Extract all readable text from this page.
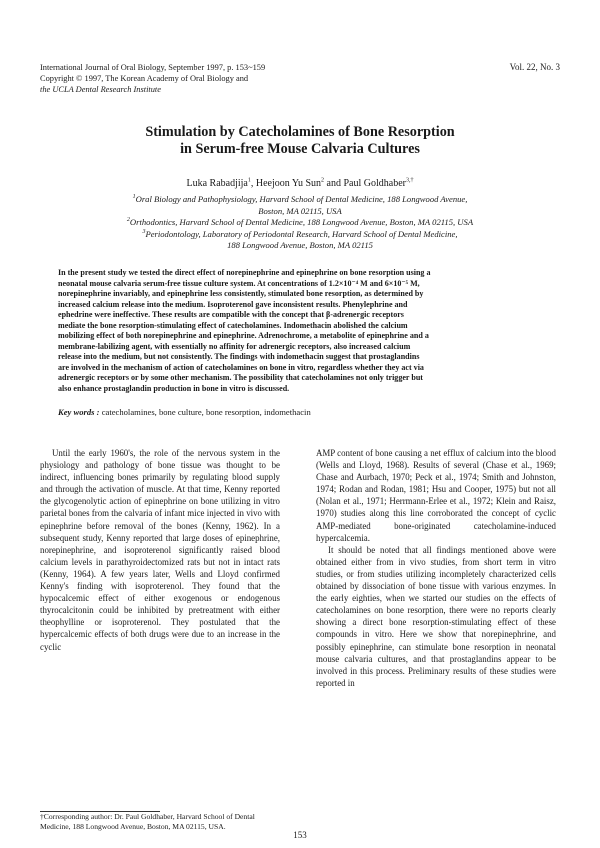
International Journal of Oral Biology, September 1997, p. 153~159
Copyright © 1997, The Korean Academy of Oral Biology and
the UCLA Dental Research Institute
Vol. 22, No. 3
Stimulation by Catecholamines of Bone Resorption
in Serum-free Mouse Calvaria Cultures
Luka Rabadjija$^1$, Heejoon Yu Sun$^2$ and Paul Goldhaber$^{3,\dagger}$
$^1$Oral Biology and Pathophysiology, Harvard School of Dental Medicine, 188 Longwood Avenue,
Boston, MA 02115, USA
$^2$Orthodontics, Harvard School of Dental Medicine, 188 Longwood Avenue, Boston, MA 02115, USA
$^3$Periodontology, Laboratory of Periodontal Research, Harvard School of Dental Medicine,
188 Longwood Avenue, Boston, MA 02115
In the present study we tested the direct effect of norepinephrine and epinephrine on bone resorption using a
neonatal mouse calvaria serum-free tissue culture system. At concentrations of 1.2×10⁻⁴ M and 6×10⁻⁵ M,
norepinephrine invariably, and epinephrine less consistently, stimulated bone resorption, as determined by
increased calcium release into the medium. Isoproterenol gave inconsistent results. Phenylephrine and
ephedrine were ineffective. These results are compatible with the concept that β-adrenergic receptors
mediate the bone resorption-stimulating effect of catecholamines. Indomethacin abolished the calcium
mobilizing effect of both norepinephrine and epinephrine. Adrenochrome, a metabolite of epinephrine and a
membrane-labilizing agent, with essentially no affinity for adrenergic receptors, also increased calcium
release into the medium, but not consistently. The findings with indomethacin suggest that prostaglandins
are involved in the mechanism of action of catecholamines on bone in vitro, regardless whether they act via
adrenergic receptors or by some other mechanism. The possibility that catecholamines not only trigger but
also enhance prostaglandin production in bone in vitro is discussed.
Key words : catecholamines, bone culture, bone resorption, indomethacin

Until the early 1960's, the role of the nervous system in the physiology and pathology of bone tissue was thought to be indirect, influencing bones primarily by regulating blood supply and through the activation of muscle. At that time, Kenny reported the glycogenolytic action of epinephrine on bone utilizing in vitro parietal bones from the calvaria of infant mice injected in vivo with epinephrine before removal of the bones (Kenny, 1962). In a subsequent study, Kenny reported that large doses of epinephrine, norepinephrine, and isoproterenol significantly raised blood calcium levels in parathyroidectomized rats but not in intact rats (Kenny, 1964). A few years later, Wells and Lloyd confirmed Kenny's finding with isoproterenol. They found that the hypocalcemic effect of either exogenous or endogenous thyrocalcitonin could be inhibited by pretreatment with either theophylline or isoproterenol. They postulated that the hypercalcemic effects of both drugs were due to an increase in the cyclic

AMP content of bone causing a net efflux of calcium into the blood (Wells and Lloyd, 1968). Results of several (Chase et al., 1969; Chase and Aurbach, 1970; Peck et al., 1974; Smith and Johnston, 1974; Rodan and Rodan, 1981; Hsu and Cooper, 1975) but not all (Nolan et al., 1971; Herrmann-Erlee et al., 1972; Klein and Raisz, 1970) studies along this line corroborated the concept of cyclic AMP-mediated bone-originated catecholamine-induced hypercalcemia.

It should be noted that all findings mentioned above were obtained either from in vivo studies, from short term in vitro studies, or from studies utilizing incompletely characterized cells obtained by dissociation of bone tissue with various enzymes. In the early eighties, when we started our studies on the effects of catecholamines on bone resorption, there were no reports clearly showing a direct bone resorption-stimulating effect of these compounds in vitro. Here we show that norepinephrine, and possibly epinephrine, can stimulate bone resorption in neonatal mouse calvaria cultures, and that prostaglandins appear to be involved in this process. Preliminary results of these studies were reported in

†Corresponding author: Dr. Paul Goldhaber, Harvard School of Dental Medicine, 188 Longwood Avenue, Boston, MA 02115, USA.
153
